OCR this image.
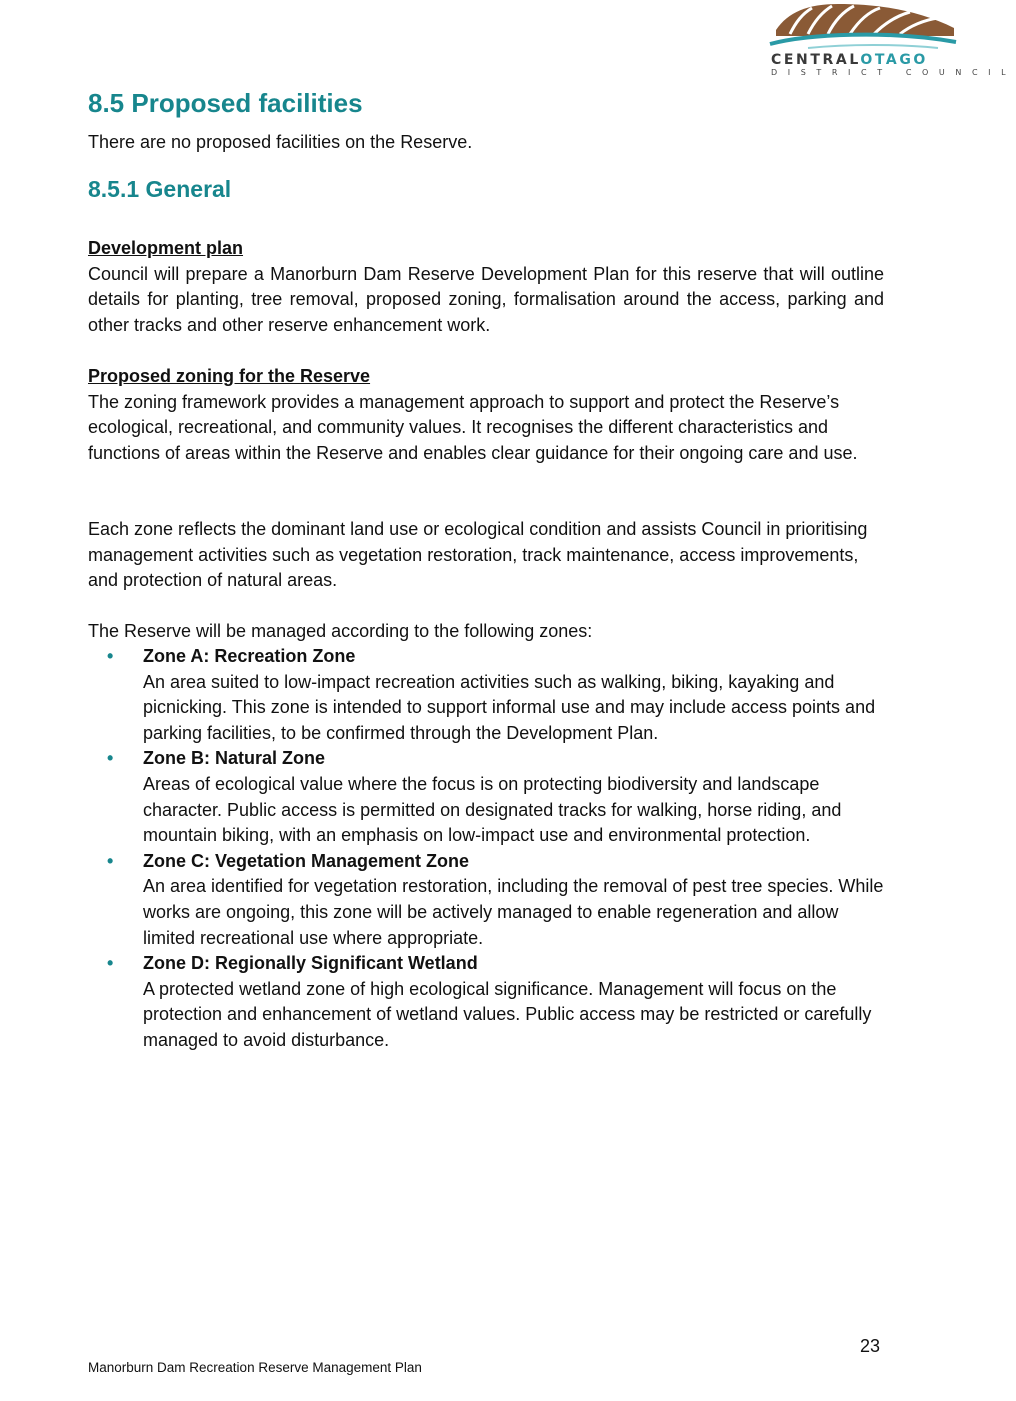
CENTRALOTAGO
DISTRICT COUNCIL
8.5 Proposed facilities

There are no proposed facilities on the Reserve.

8.5.1 General
Development plan
Council will prepare a Manorburn Dam Reserve Development Plan for this reserve that will outline details for planting, tree removal, proposed zoning, formalisation around the access, parking and other tracks and other reserve enhancement work.
Proposed zoning for the Reserve
The zoning framework provides a management approach to support and protect the Reserve’s ecological, recreational, and community values. It recognises the different characteristics and functions of areas within the Reserve and enables clear guidance for their ongoing care and use.
Each zone reflects the dominant land use or ecological condition and assists Council in prioritising management activities such as vegetation restoration, track maintenance, access improvements, and protection of natural areas.
The Reserve will be managed according to the following zones:
• Zone A: Recreation Zone
An area suited to low-impact recreation activities such as walking, biking, kayaking and picnicking. This zone is intended to support informal use and may include access points and parking facilities, to be confirmed through the Development Plan.
• Zone B: Natural Zone
Areas of ecological value where the focus is on protecting biodiversity and landscape character. Public access is permitted on designated tracks for walking, horse riding, and mountain biking, with an emphasis on low-impact use and environmental protection.
• Zone C: Vegetation Management Zone
An area identified for vegetation restoration, including the removal of pest tree species. While works are ongoing, this zone will be actively managed to enable regeneration and allow limited recreational use where appropriate.
• Zone D: Regionally Significant Wetland
A protected wetland zone of high ecological significance. Management will focus on the protection and enhancement of wetland values. Public access may be restricted or carefully managed to avoid disturbance.
23
Manorburn Dam Recreation Reserve Management Plan
